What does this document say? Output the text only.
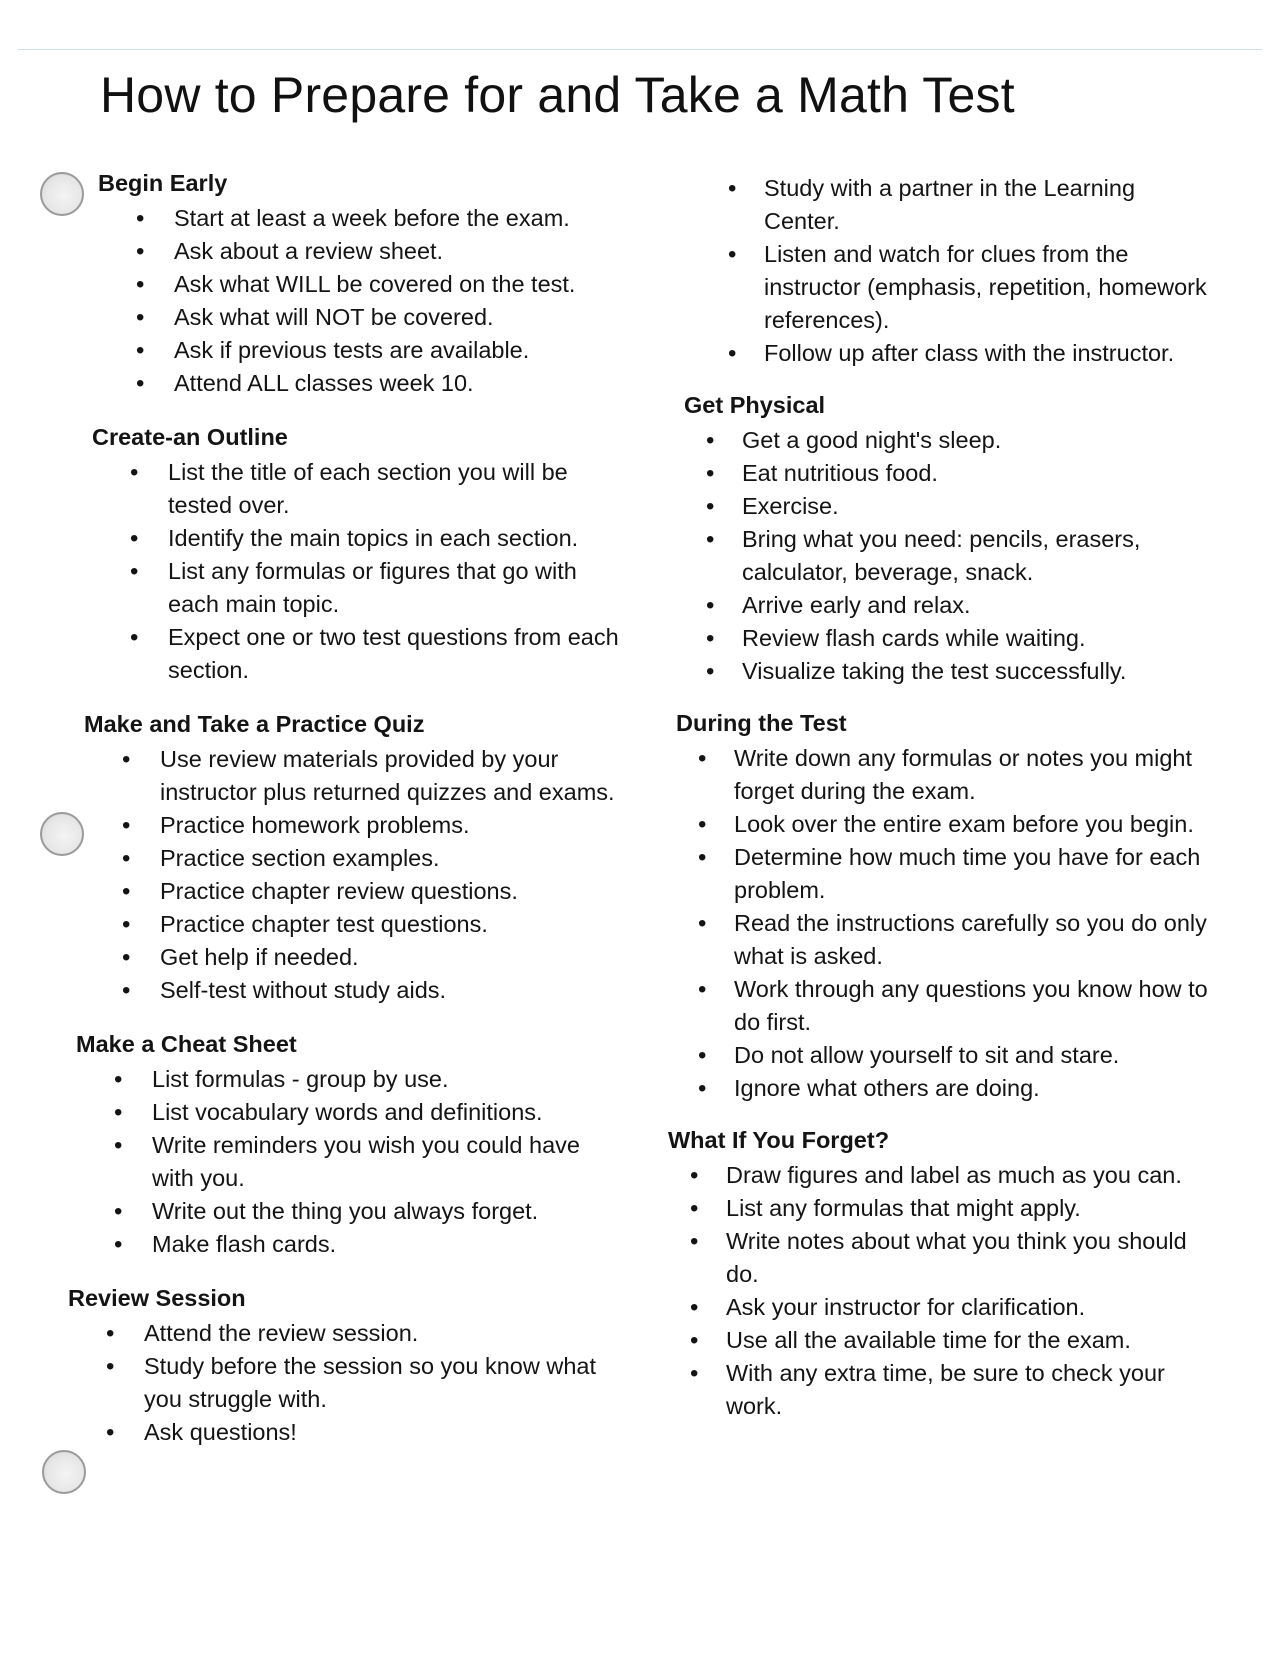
How to Prepare for and Take a Math Test
Begin Early
• Start at least a week before the exam.
• Ask about a review sheet.
• Ask what WILL be covered on the test.
• Ask what will NOT be covered.
• Ask if previous tests are available.
• Attend ALL classes week 10.
Create-an Outline
• List the title of each section you will be tested over.
• Identify the main topics in each section.
• List any formulas or figures that go with each main topic.
• Expect one or two test questions from each section.
Make and Take a Practice Quiz
• Use review materials provided by your instructor plus returned quizzes and exams.
• Practice homework problems.
• Practice section examples.
• Practice chapter review questions.
• Practice chapter test questions.
• Get help if needed.
• Self-test without study aids.
Make a Cheat Sheet
• List formulas - group by use.
• List vocabulary words and definitions.
• Write reminders you wish you could have with you.
• Write out the thing you always forget.
• Make flash cards.
Review Session
• Attend the review session.
• Study before the session so you know what you struggle with.
• Ask questions!
• Study with a partner in the Learning Center.
• Listen and watch for clues from the instructor (emphasis, repetition, homework references).
• Follow up after class with the instructor.
Get Physical
• Get a good night's sleep.
• Eat nutritious food.
• Exercise.
• Bring what you need: pencils, erasers, calculator, beverage, snack.
• Arrive early and relax.
• Review flash cards while waiting.
• Visualize taking the test successfully.
During the Test
• Write down any formulas or notes you might forget during the exam.
• Look over the entire exam before you begin.
• Determine how much time you have for each problem.
• Read the instructions carefully so you do only what is asked.
• Work through any questions you know how to do first.
• Do not allow yourself to sit and stare.
• Ignore what others are doing.
What If You Forget?
• Draw figures and label as much as you can.
• List any formulas that might apply.
• Write notes about what you think you should do.
• Ask your instructor for clarification.
• Use all the available time for the exam.
• With any extra time, be sure to check your work.
